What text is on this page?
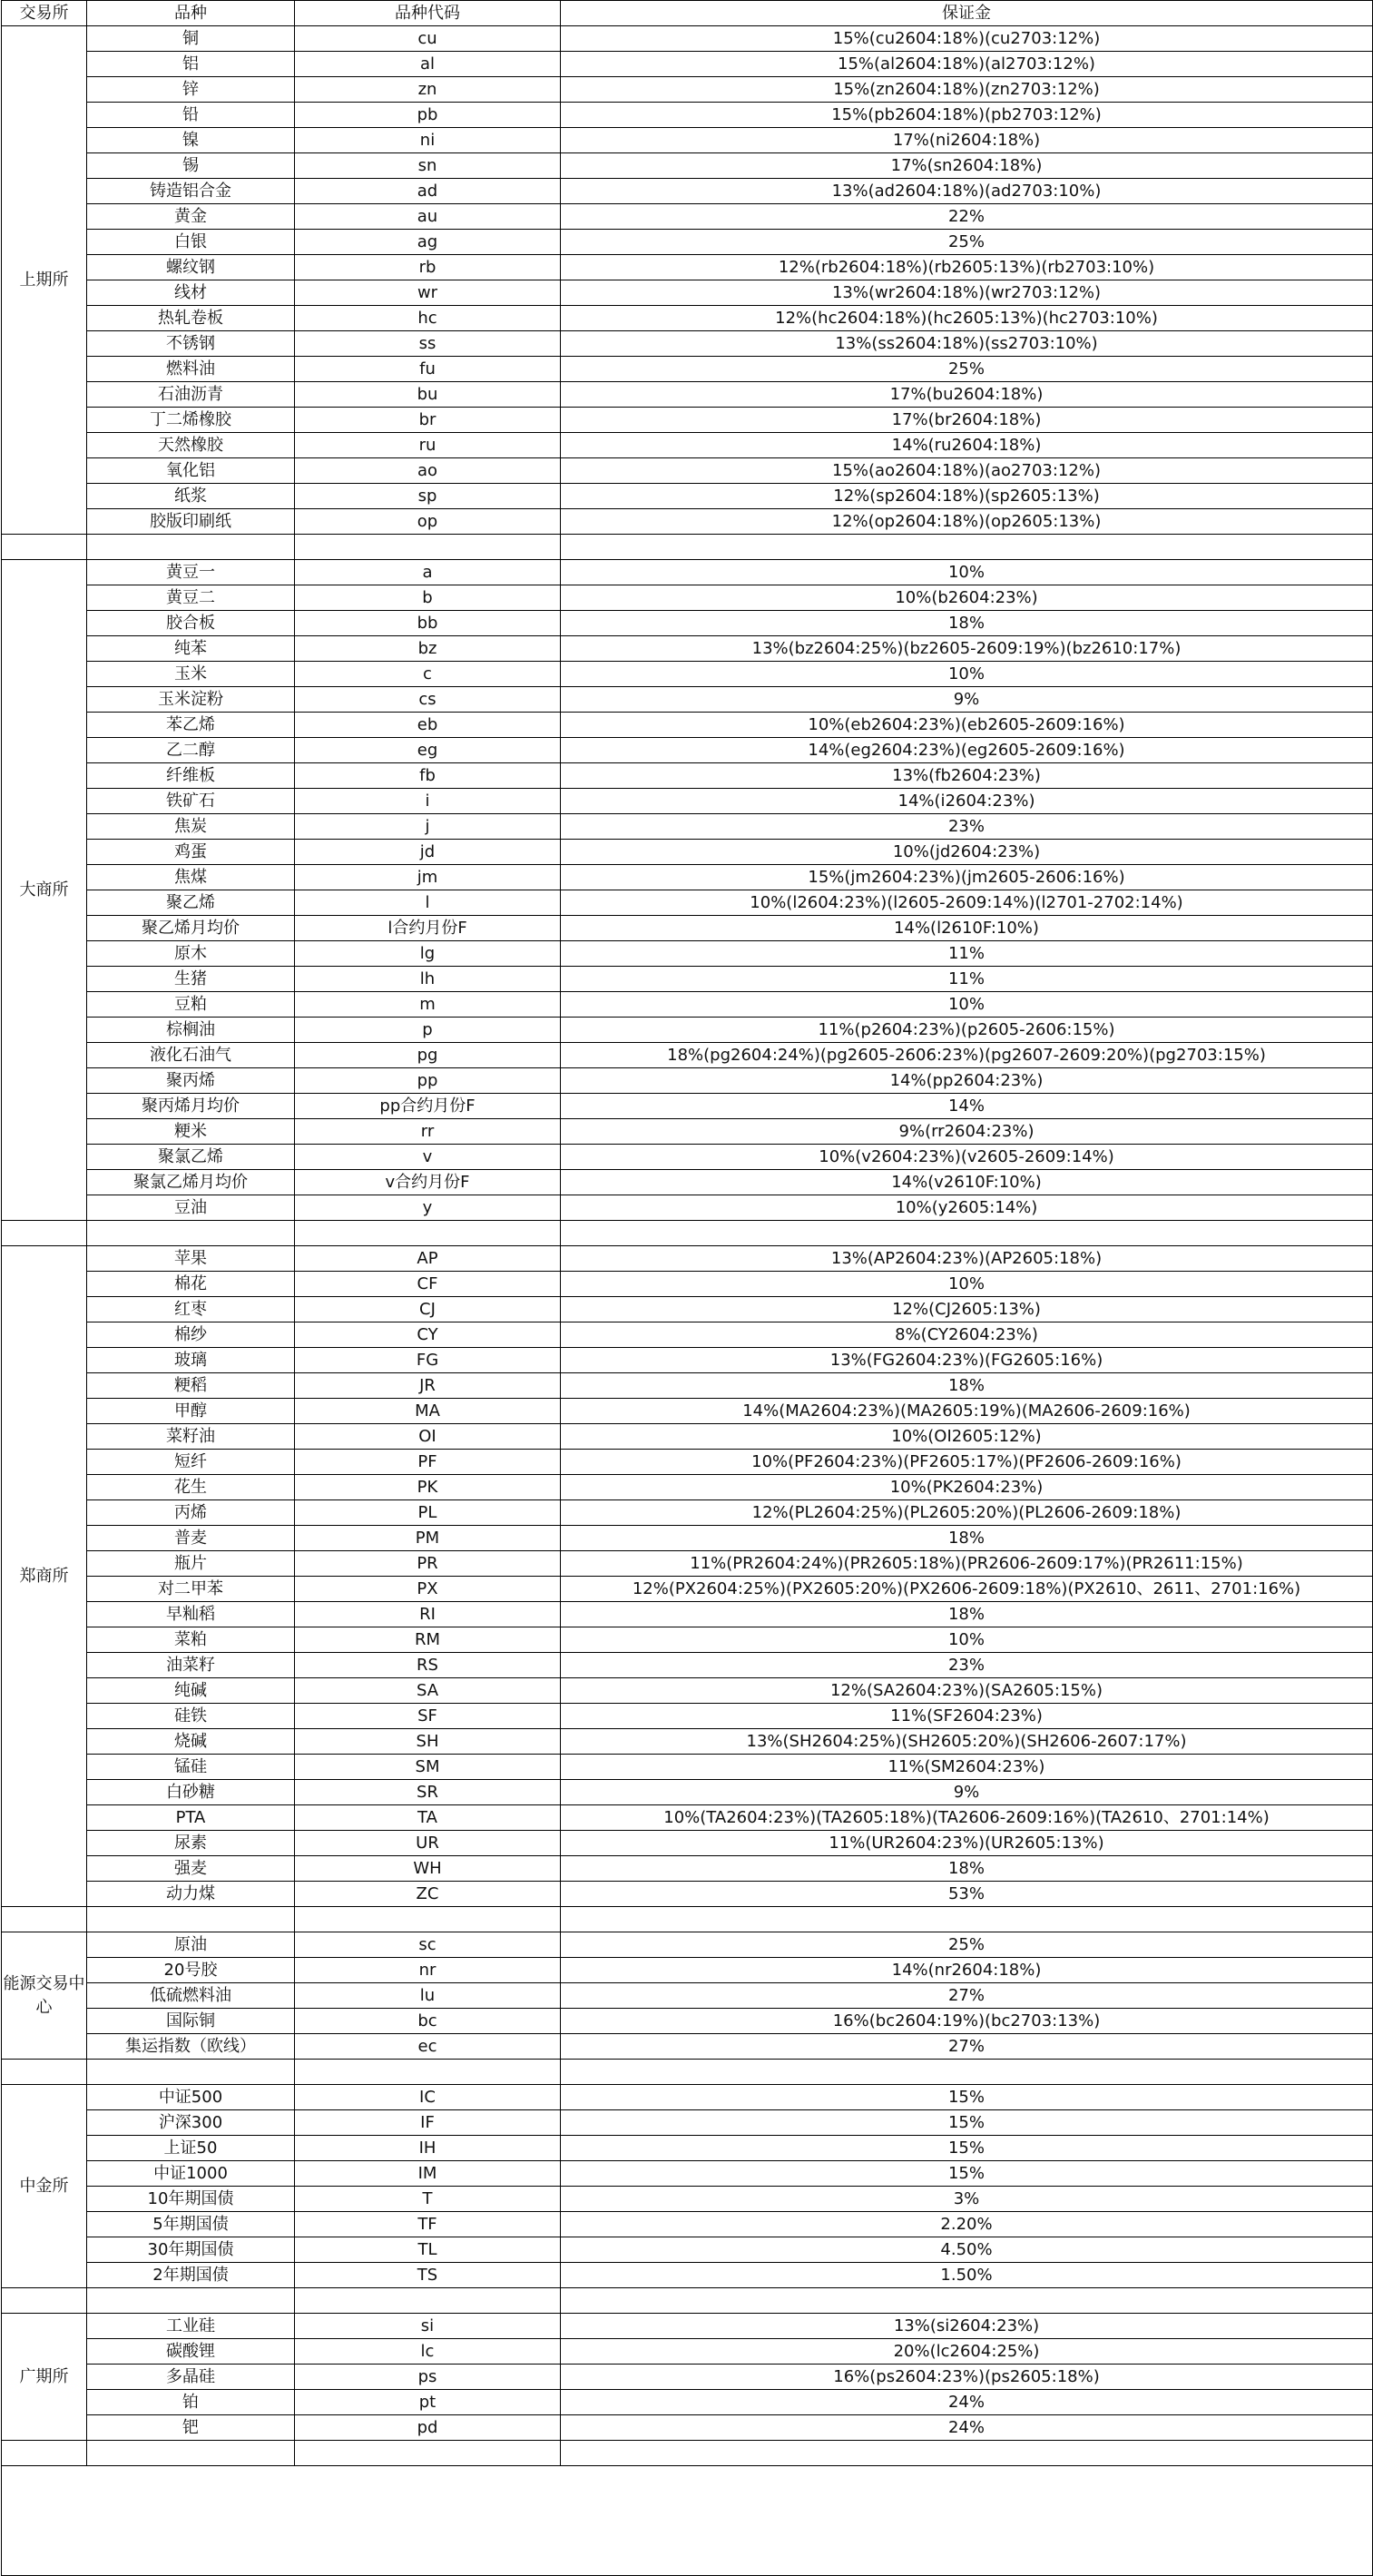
交易所	品种	品种代码	保证金
上期所	铜	cu	15%(cu2604:18%)(cu2703:12%)
	铝	al	15%(al2604:18%)(al2703:12%)
	锌	zn	15%(zn2604:18%)(zn2703:12%)
	铅	pb	15%(pb2604:18%)(pb2703:12%)
	镍	ni	17%(ni2604:18%)
	锡	sn	17%(sn2604:18%)
	铸造铝合金	ad	13%(ad2604:18%)(ad2703:10%)
	黄金	au	22%
	白银	ag	25%
	螺纹钢	rb	12%(rb2604:18%)(rb2605:13%)(rb2703:10%)
	线材	wr	13%(wr2604:18%)(wr2703:12%)
	热轧卷板	hc	12%(hc2604:18%)(hc2605:13%)(hc2703:10%)
	不锈钢	ss	13%(ss2604:18%)(ss2703:10%)
	燃料油	fu	25%
	石油沥青	bu	17%(bu2604:18%)
	丁二烯橡胶	br	17%(br2604:18%)
	天然橡胶	ru	14%(ru2604:18%)
	氧化铝	ao	15%(ao2604:18%)(ao2703:12%)
	纸浆	sp	12%(sp2604:18%)(sp2605:13%)
	胶版印刷纸	op	12%(op2604:18%)(op2605:13%)

大商所	黄豆一	a	10%
	黄豆二	b	10%(b2604:23%)
	胶合板	bb	18%
	纯苯	bz	13%(bz2604:25%)(bz2605-2609:19%)(bz2610:17%)
	玉米	c	10%
	玉米淀粉	cs	9%
	苯乙烯	eb	10%(eb2604:23%)(eb2605-2609:16%)
	乙二醇	eg	14%(eg2604:23%)(eg2605-2609:16%)
	纤维板	fb	13%(fb2604:23%)
	铁矿石	i	14%(i2604:23%)
	焦炭	j	23%
	鸡蛋	jd	10%(jd2604:23%)
	焦煤	jm	15%(jm2604:23%)(jm2605-2606:16%)
	聚乙烯	l	10%(l2604:23%)(l2605-2609:14%)(l2701-2702:14%)
	聚乙烯月均价	l合约月份F	14%(l2610F:10%)
	原木	lg	11%
	生猪	lh	11%
	豆粕	m	10%
	棕榈油	p	11%(p2604:23%)(p2605-2606:15%)
	液化石油气	pg	18%(pg2604:24%)(pg2605-2606:23%)(pg2607-2609:20%)(pg2703:15%)
	聚丙烯	pp	14%(pp2604:23%)
	聚丙烯月均价	pp合约月份F	14%
	粳米	rr	9%(rr2604:23%)
	聚氯乙烯	v	10%(v2604:23%)(v2605-2609:14%)
	聚氯乙烯月均价	v合约月份F	14%(v2610F:10%)
	豆油	y	10%(y2605:14%)

郑商所	苹果	AP	13%(AP2604:23%)(AP2605:18%)
	棉花	CF	10%
	红枣	CJ	12%(CJ2605:13%)
	棉纱	CY	8%(CY2604:23%)
	玻璃	FG	13%(FG2604:23%)(FG2605:16%)
	粳稻	JR	18%
	甲醇	MA	14%(MA2604:23%)(MA2605:19%)(MA2606-2609:16%)
	菜籽油	OI	10%(OI2605:12%)
	短纤	PF	10%(PF2604:23%)(PF2605:17%)(PF2606-2609:16%)
	花生	PK	10%(PK2604:23%)
	丙烯	PL	12%(PL2604:25%)(PL2605:20%)(PL2606-2609:18%)
	普麦	PM	18%
	瓶片	PR	11%(PR2604:24%)(PR2605:18%)(PR2606-2609:17%)(PR2611:15%)
	对二甲苯	PX	12%(PX2604:25%)(PX2605:20%)(PX2606-2609:18%)(PX2610、2611、2701:16%)
	早籼稻	RI	18%
	菜粕	RM	10%
	油菜籽	RS	23%
	纯碱	SA	12%(SA2604:23%)(SA2605:15%)
	硅铁	SF	11%(SF2604:23%)
	烧碱	SH	13%(SH2604:25%)(SH2605:20%)(SH2606-2607:17%)
	锰硅	SM	11%(SM2604:23%)
	白砂糖	SR	9%
	PTA	TA	10%(TA2604:23%)(TA2605:18%)(TA2606-2609:16%)(TA2610、2701:14%)
	尿素	UR	11%(UR2604:23%)(UR2605:13%)
	强麦	WH	18%
	动力煤	ZC	53%

能源交易中心	原油	sc	25%
	20号胶	nr	14%(nr2604:18%)
	低硫燃料油	lu	27%
	国际铜	bc	16%(bc2604:19%)(bc2703:13%)
	集运指数（欧线）	ec	27%

中金所	中证500	IC	15%
	沪深300	IF	15%
	上证50	IH	15%
	中证1000	IM	15%
	10年期国债	T	3%
	5年期国债	TF	2.20%
	30年期国债	TL	4.50%
	2年期国债	TS	1.50%

广期所	工业硅	si	13%(si2604:23%)
	碳酸锂	lc	20%(lc2604:25%)
	多晶硅	ps	16%(ps2604:23%)(ps2605:18%)
	铂	pt	24%
	钯	pd	24%
